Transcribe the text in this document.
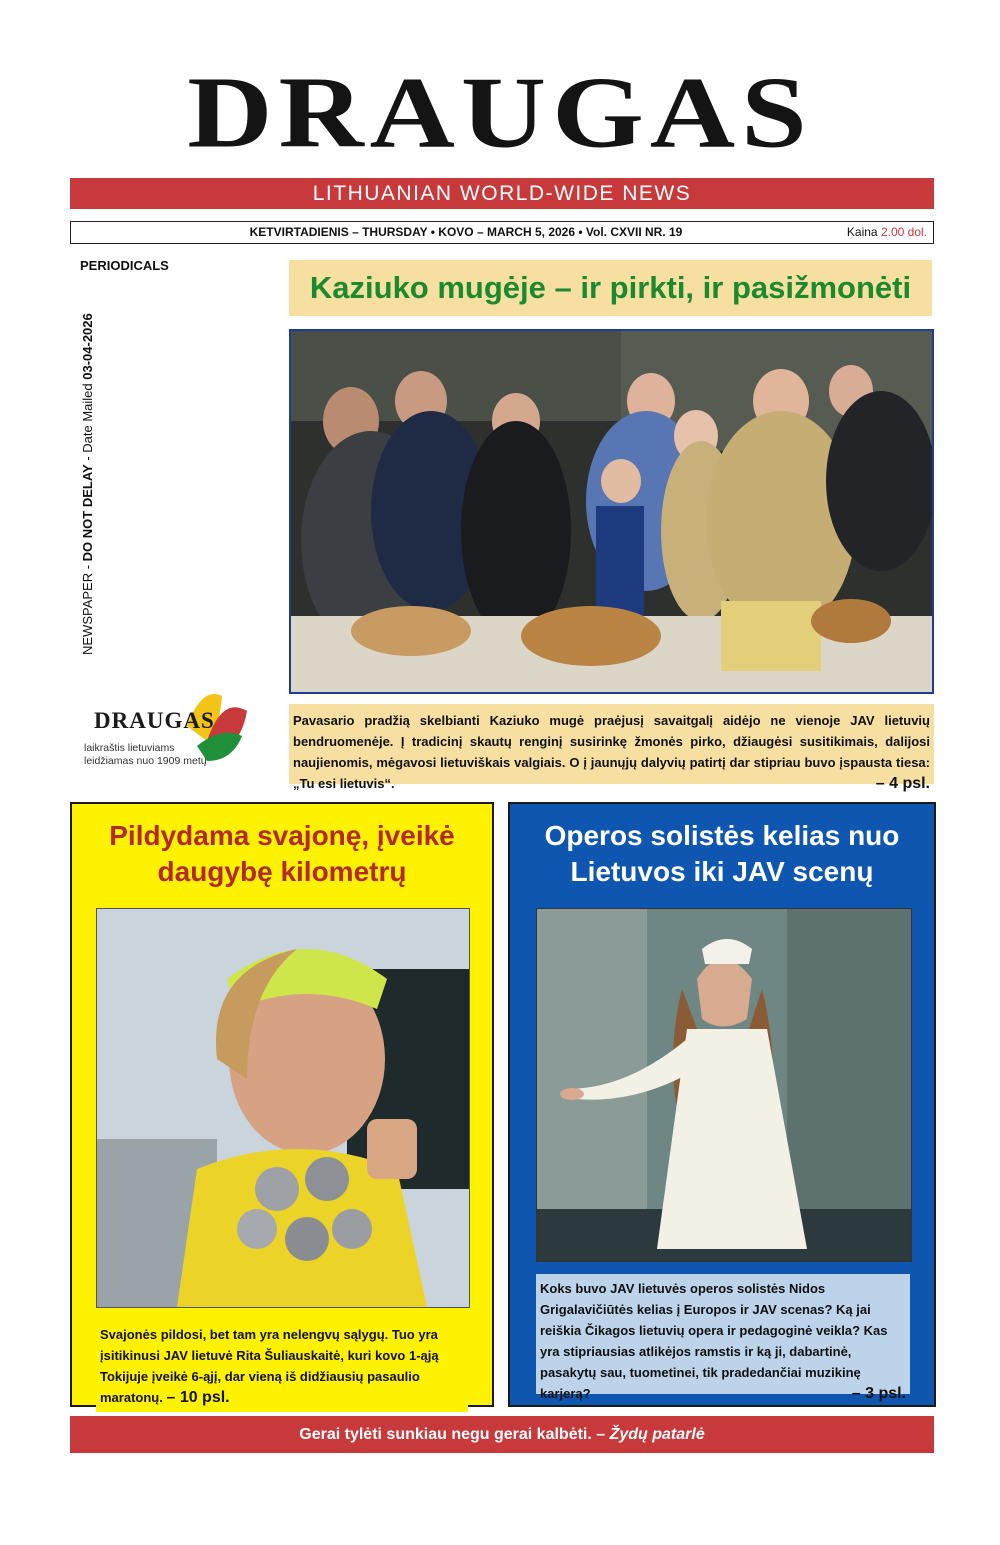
DRAUGAS
LITHUANIAN WORLD-WIDE NEWS
KETVIRTADIENIS – THURSDAY • KOVO – MARCH 5, 2026 • Vol. CXVII NR. 19	Kaina 2.00 dol.
PERIODICALS
NEWSPAPER - DO NOT DELAY - Date Mailed 03-04-2026
Kaziuko mugėje – ir pirkti, ir pasižmonėti
DRAUGAS
laikraštis lietuviams
leidžiamas nuo 1909 metų
Pavasario pradžią skelbianti Kaziuko mugė praėjusį savaitgalį aidėjo ne vienoje JAV lietuvių bendruomenėje. Į tradicinį skautų renginį susirinkę žmonės pirko, džiaugėsi susitikimais, dalijosi naujienomis, mėgavosi lietuviškais valgiais. O į jaunųjų dalyvių patirtį dar stipriau buvo įspausta tiesa: „Tu esi lietuvis“.	– 4 psl.
Pildydama svajonę, įveikė
daugybę kilometrų
Svajonės pildosi, bet tam yra nelengvų sąlygų. Tuo yra įsitikinusi JAV lietuvė Rita Šuliauskaitė, kuri kovo 1-ąją Tokijuje įveikė 6-ąjį, dar vieną iš didžiausių pasaulio maratonų. – 10 psl.
Operos solistės kelias nuo
Lietuvos iki JAV scenų
Koks buvo JAV lietuvės operos solistės Nidos Grigalavičiūtės kelias į Europos ir JAV scenas? Ką jai reiškia Čikagos lietuvių opera ir pedagoginė veikla? Kas yra stipriausias atlikėjos ramstis ir ką ji, dabartinė, pasakytų sau, tuometinei, tik pradedančiai muzikinę karjerą?	– 3 psl.
Gerai tylėti sunkiau negu gerai kalbėti. – Žydų patarlė
